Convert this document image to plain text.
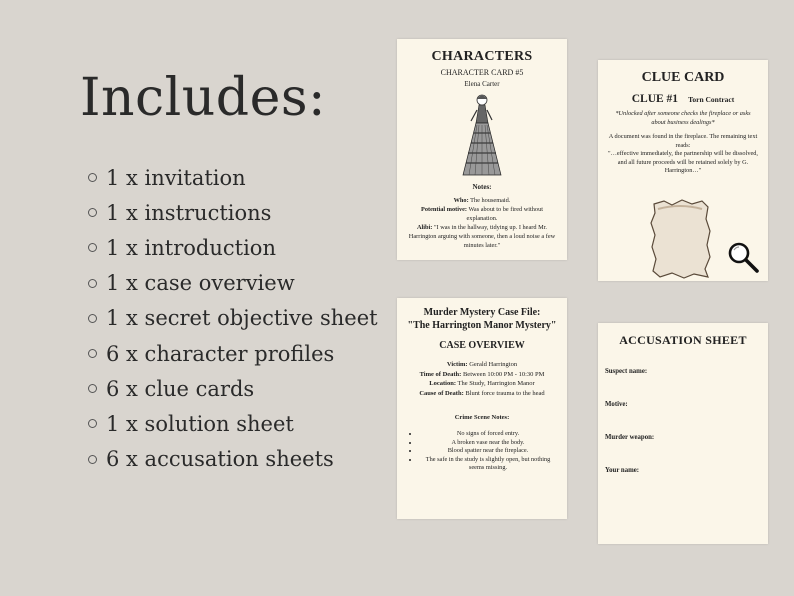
Includes:
1 x invitation
1 x instructions
1 x introduction
1 x case overview
1 x secret objective sheet
6 x character profiles
6 x clue cards
1 x solution sheet
6 x accusation sheets
CHARACTERS
CHARACTER CARD #5
Elena Carter
Notes:
Who: The housemaid.
Potential motive: Was about to be fired without explanation.
Alibi: "I was in the hallway, tidying up. I heard Mr. Harrington arguing with someone, then a loud noise a few minutes later."
CLUE CARD
CLUE #1 Torn Contract
*Unlocked after someone checks the fireplace or asks about business dealings*
A document was found in the fireplace. The remaining text reads:
"…effective immediately, the partnership will be dissolved, and all future proceeds will be retained solely by G. Harrington…"
Murder Mystery Case File:
"The Harrington Manor Mystery"
CASE OVERVIEW
Victim: Gerald Harrington
Time of Death: Between 10:00 PM - 10:30 PM
Location: The Study, Harrington Manor
Cause of Death: Blunt force trauma to the head
Crime Scene Notes:
• No signs of forced entry.
• A broken vase near the body.
• Blood spatter near the fireplace.
• The safe in the study is slightly open, but nothing seems missing.
ACCUSATION SHEET
Suspect name:
Motive:
Murder weapon:
Your name:
